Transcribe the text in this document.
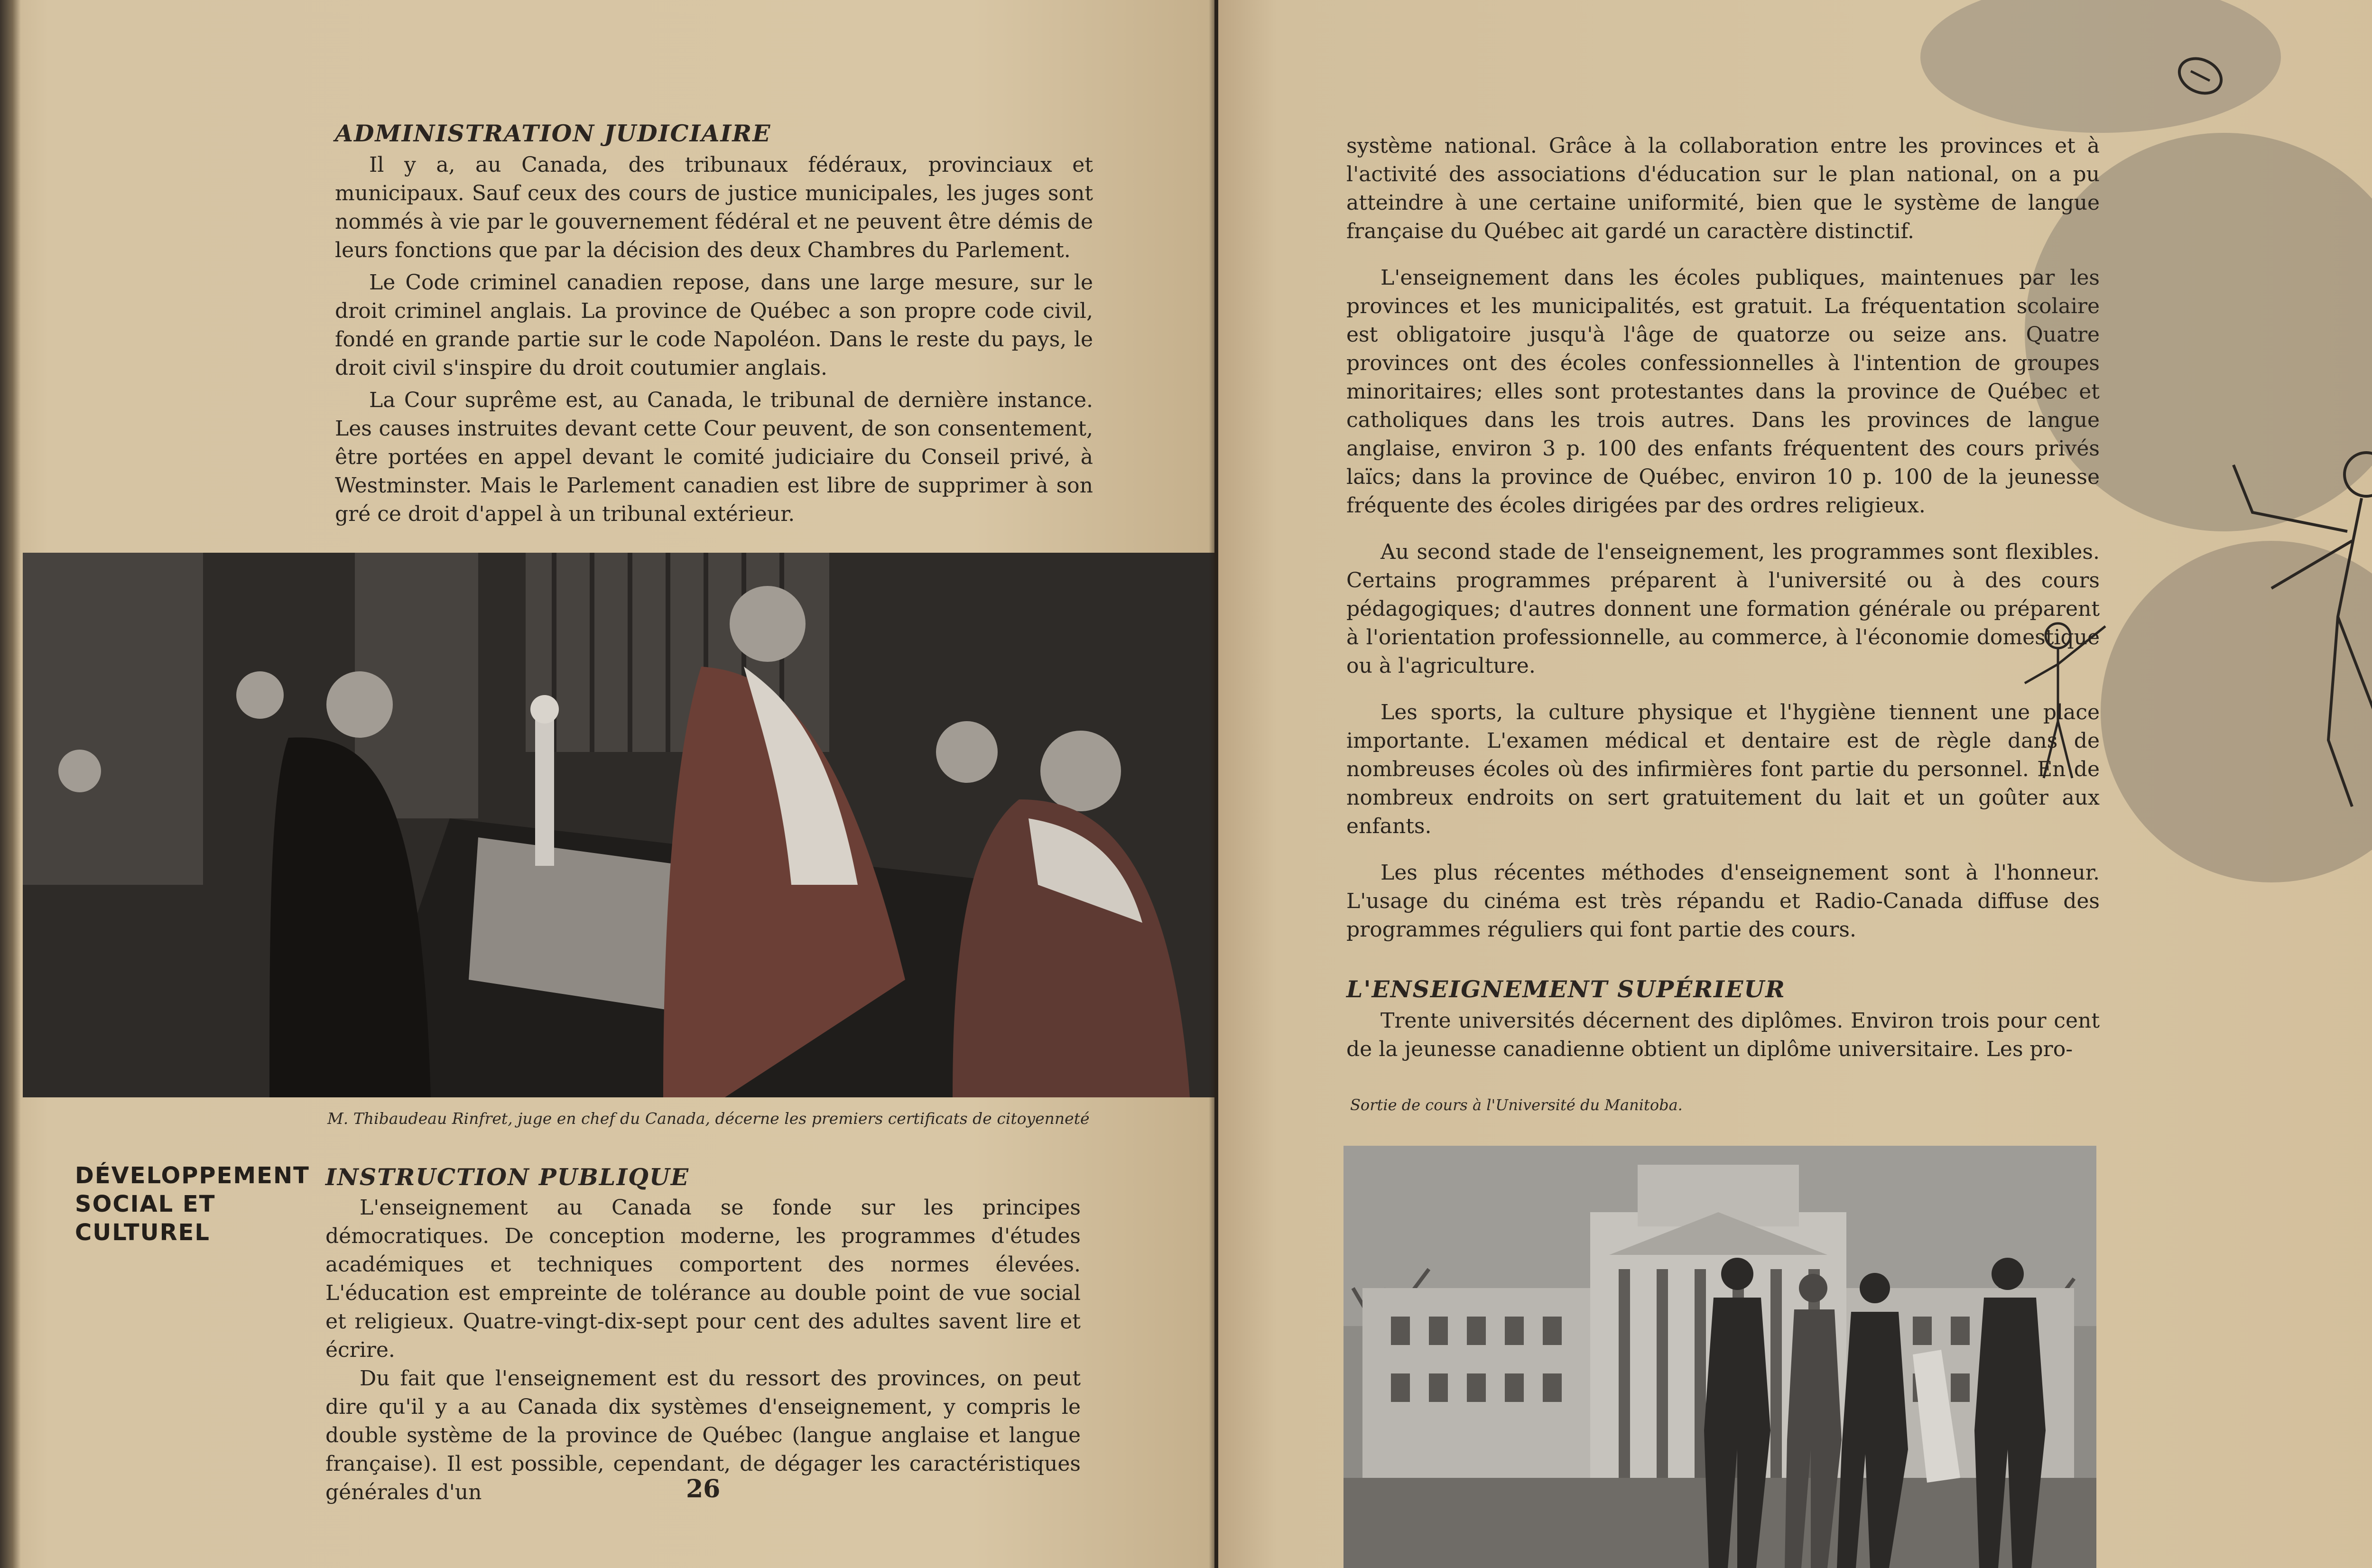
ADMINISTRATION JUDICIAIRE

Il y a, au Canada, des tribunaux fédéraux, provinciaux et municipaux. Sauf ceux des cours de justice municipales, les juges sont nommés à vie par le gouvernement fédéral et ne peuvent être démis de leurs fonctions que par la décision des deux Chambres du Parlement.

Le Code criminel canadien repose, dans une large mesure, sur le droit criminel anglais. La province de Québec a son propre code civil, fondé en grande partie sur le code Napoléon. Dans le reste du pays, le droit civil s'inspire du droit coutumier anglais.

La Cour suprême est, au Canada, le tribunal de dernière instance. Les causes instruites devant cette Cour peuvent, de son consentement, être portées en appel devant le comité judiciaire du Conseil privé, à Westminster. Mais le Parlement canadien est libre de supprimer à son gré ce droit d'appel à un tribunal extérieur.

M. Thibaudeau Rinfret, juge en chef du Canada, décerne les premiers certificats de citoyenneté

DÉVELOPPEMENT
SOCIAL ET
CULTUREL
INSTRUCTION PUBLIQUE

L'enseignement au Canada se fonde sur les principes démocratiques. De conception moderne, les programmes d'études académiques et techniques comportent des normes élevées. L'éducation est empreinte de tolérance au double point de vue social et religieux. Quatre-vingt-dix-sept pour cent des adultes savent lire et écrire.

Du fait que l'enseignement est du ressort des provinces, on peut dire qu'il y a au Canada dix systèmes d'enseignement, y compris le double système de la province de Québec (langue anglaise et langue française). Il est possible, cependant, de dégager les caractéristiques générales d'un	26

système national. Grâce à la collaboration entre les provinces et à l'activité des associations d'éducation sur le plan national, on a pu atteindre à une certaine uniformité, bien que le système de langue française du Québec ait gardé un caractère distinctif.

L'enseignement dans les écoles publiques, maintenues par les provinces et les municipalités, est gratuit. La fréquentation scolaire est obligatoire jusqu'à l'âge de quatorze ou seize ans. Quatre provinces ont des écoles confessionnelles à l'intention de groupes minoritaires; elles sont protestantes dans la province de Québec et catholiques dans les trois autres. Dans les provinces de langue anglaise, environ 3 p. 100 des enfants fréquentent des cours privés laïcs; dans la province de Québec, environ 10 p. 100 de la jeunesse fréquente des écoles dirigées par des ordres religieux.

Au second stade de l'enseignement, les programmes sont flexibles. Certains programmes préparent à l'université ou à des cours pédagogiques; d'autres donnent une formation générale ou préparent à l'orientation professionnelle, au commerce, à l'économie domestique ou à l'agriculture.

Les sports, la culture physique et l'hygiène tiennent une place importante. L'examen médical et dentaire est de règle dans de nombreuses écoles où des infirmières font partie du personnel. En de nombreux endroits on sert gratuitement du lait et un goûter aux enfants.

Les plus récentes méthodes d'enseignement sont à l'honneur. L'usage du cinéma est très répandu et Radio-Canada diffuse des programmes réguliers qui font partie des cours.

L'ENSEIGNEMENT SUPÉRIEUR

Trente universités décernent des diplômes. Environ trois pour cent de la jeunesse canadienne obtient un diplôme universitaire. Les pro-

Sortie de cours à l'Université du Manitoba.
